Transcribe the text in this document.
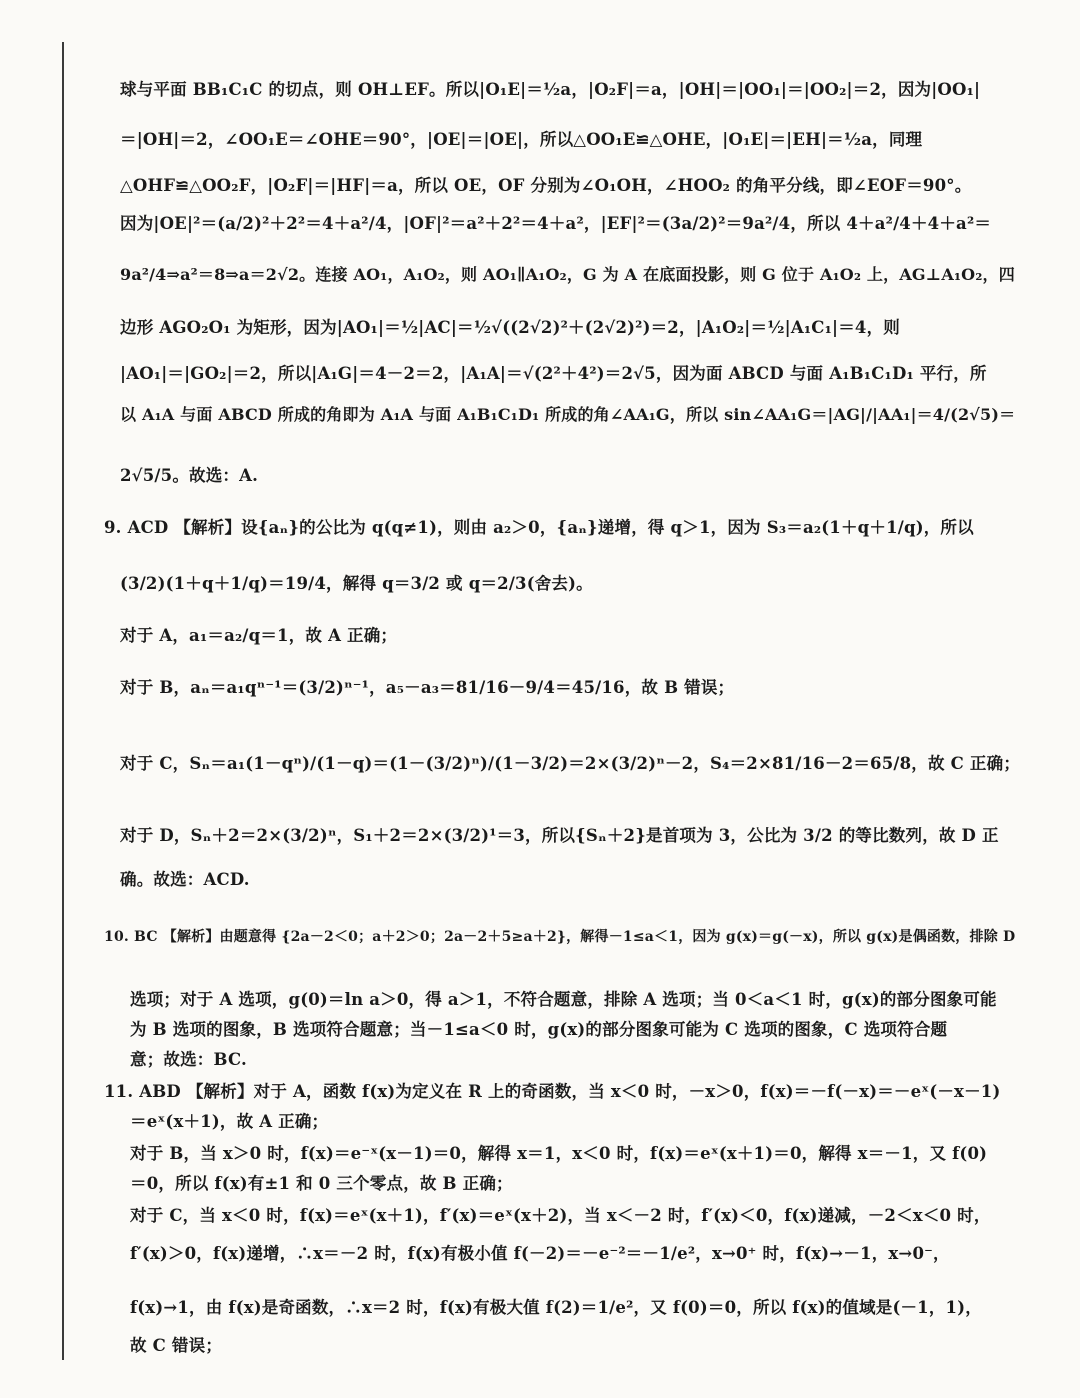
球与平面 BB₁C₁C 的切点，则 OH⊥EF。所以|O₁E|＝½a，|O₂F|＝a，|OH|＝|OO₁|＝|OO₂|＝2，因为|OO₁|
＝|OH|＝2，∠OO₁E＝∠OHE＝90°，|OE|＝|OE|，所以△OO₁E≌△OHE，|O₁E|＝|EH|＝½a，同理
△OHF≌△OO₂F，|O₂F|＝|HF|＝a，所以 OE，OF 分别为∠O₁OH，∠HOO₂ 的角平分线，即∠EOF＝90°。
因为|OE|²＝(a/2)²＋2²＝4＋a²/4，|OF|²＝a²＋2²＝4＋a²，|EF|²＝(3a/2)²＝9a²/4，所以 4＋a²/4＋4＋a²＝
9a²/4⇒a²＝8⇒a＝2√2。连接 AO₁，A₁O₂，则 AO₁∥A₁O₂，G 为 A 在底面投影，则 G 位于 A₁O₂ 上，AG⊥A₁O₂，四
边形 AGO₂O₁ 为矩形，因为|AO₁|＝½|AC|＝½√((2√2)²＋(2√2)²)＝2，|A₁O₂|＝½|A₁C₁|＝4，则
|AO₁|＝|GO₂|＝2，所以|A₁G|＝4－2＝2，|A₁A|＝√(2²＋4²)＝2√5，因为面 ABCD 与面 A₁B₁C₁D₁ 平行，所
以 A₁A 与面 ABCD 所成的角即为 A₁A 与面 A₁B₁C₁D₁ 所成的角∠AA₁G，所以 sin∠AA₁G＝|AG|/|AA₁|＝4/(2√5)＝
2√5/5。故选：A.
9. ACD 【解析】设{aₙ}的公比为 q(q≠1)，则由 a₂＞0，{aₙ}递增，得 q＞1，因为 S₃＝a₂(1＋q＋1/q)，所以
(3/2)(1＋q＋1/q)＝19/4，解得 q＝3/2 或 q＝2/3(舍去)。
对于 A，a₁＝a₂/q＝1，故 A 正确；
对于 B，aₙ＝a₁qⁿ⁻¹＝(3/2)ⁿ⁻¹，a₅－a₃＝81/16－9/4＝45/16，故 B 错误；
对于 C，Sₙ＝a₁(1－qⁿ)/(1－q)＝(1－(3/2)ⁿ)/(1－3/2)＝2×(3/2)ⁿ－2，S₄＝2×81/16－2＝65/8，故 C 正确；
对于 D，Sₙ＋2＝2×(3/2)ⁿ，S₁＋2＝2×(3/2)¹＝3，所以{Sₙ＋2}是首项为 3，公比为 3/2 的等比数列，故 D 正
确。故选：ACD.
10. BC 【解析】由题意得 {2a－2＜0；a＋2＞0；2a－2＋5≥a＋2}，解得－1≤a＜1，因为 g(x)＝g(－x)，所以 g(x)是偶函数，排除 D
选项；对于 A 选项，g(0)＝ln a＞0，得 a＞1，不符合题意，排除 A 选项；当 0＜a＜1 时，g(x)的部分图象可能
为 B 选项的图象，B 选项符合题意；当－1≤a＜0 时，g(x)的部分图象可能为 C 选项的图象，C 选项符合题
意；故选：BC.
11. ABD 【解析】对于 A，函数 f(x)为定义在 R 上的奇函数，当 x＜0 时，－x＞0，f(x)＝－f(－x)＝－eˣ(－x－1)
＝eˣ(x＋1)，故 A 正确；
对于 B，当 x＞0 时，f(x)＝e⁻ˣ(x－1)＝0，解得 x＝1，x＜0 时，f(x)＝eˣ(x＋1)＝0，解得 x＝－1，又 f(0)
＝0，所以 f(x)有±1 和 0 三个零点，故 B 正确；
对于 C，当 x＜0 时，f(x)＝eˣ(x＋1)，f′(x)＝eˣ(x＋2)，当 x＜－2 时，f′(x)＜0，f(x)递减，－2＜x＜0 时，
f′(x)＞0，f(x)递增，∴x＝－2 时，f(x)有极小值 f(－2)＝－e⁻²＝－1/e²，x→0⁺ 时，f(x)→－1，x→0⁻，
f(x)→1，由 f(x)是奇函数，∴x＝2 时，f(x)有极大值 f(2)＝1/e²，又 f(0)＝0，所以 f(x)的值域是(－1，1)，
故 C 错误；
